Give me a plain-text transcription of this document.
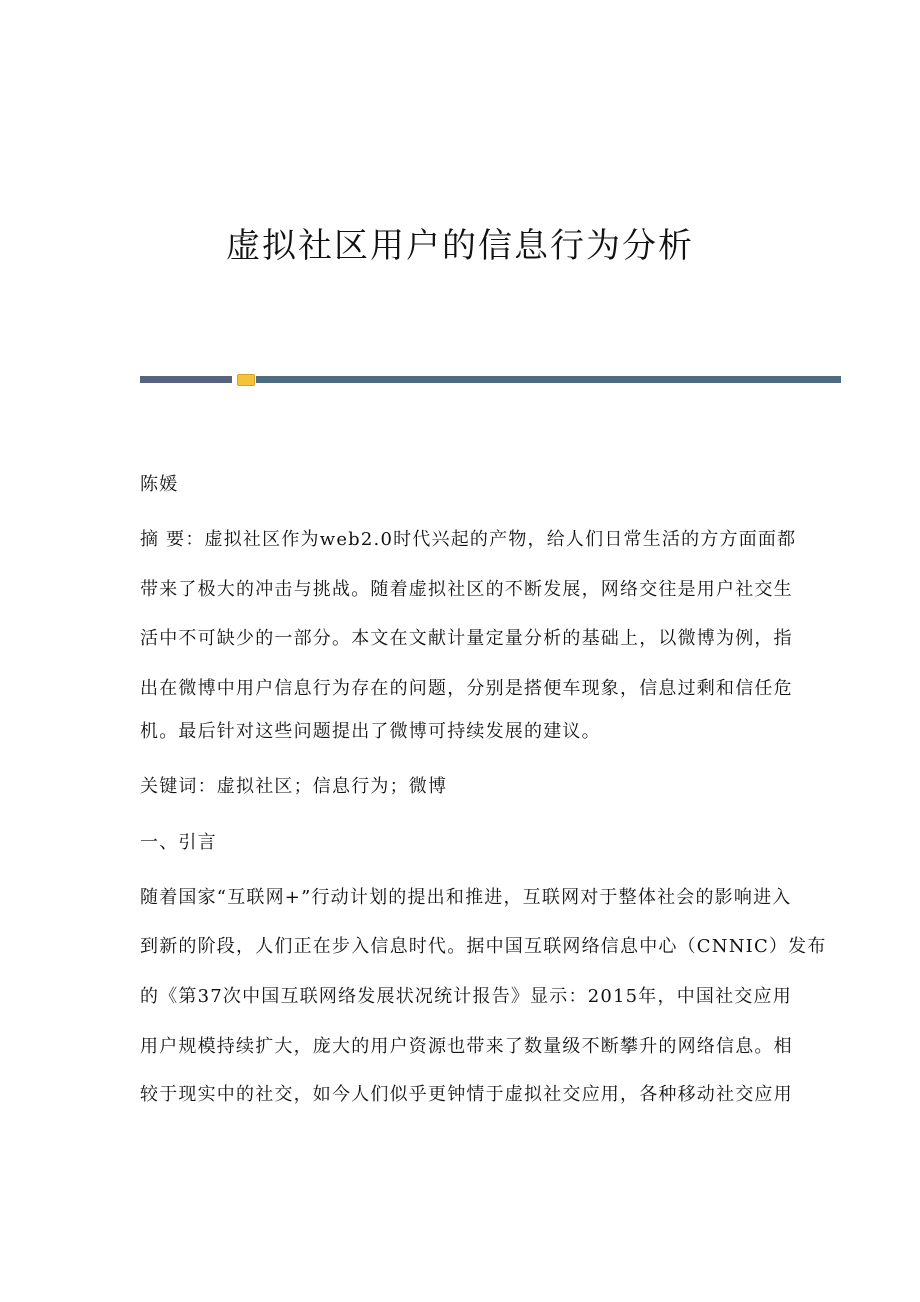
虚拟社区用户的信息行为分析
陈媛
摘 要：虚拟社区作为web2.0时代兴起的产物，给人们日常生活的方方面面都
带来了极大的冲击与挑战。随着虚拟社区的不断发展，网络交往是用户社交生
活中不可缺少的一部分。本文在文献计量定量分析的基础上，以微博为例，指
出在微博中用户信息行为存在的问题，分别是搭便车现象，信息过剩和信任危
机。最后针对这些问题提出了微博可持续发展的建议。
关键词：虚拟社区；信息行为；微博
一、引言
随着国家“互联网+”行动计划的提出和推进，互联网对于整体社会的影响进入
到新的阶段，人们正在步入信息时代。据中国互联网络信息中心（CNNIC）发布
的《第37次中国互联网络发展状况统计报告》显示：2015年，中国社交应用
用户规模持续扩大，庞大的用户资源也带来了数量级不断攀升的网络信息。相
较于现实中的社交，如今人们似乎更钟情于虚拟社交应用，各种移动社交应用
